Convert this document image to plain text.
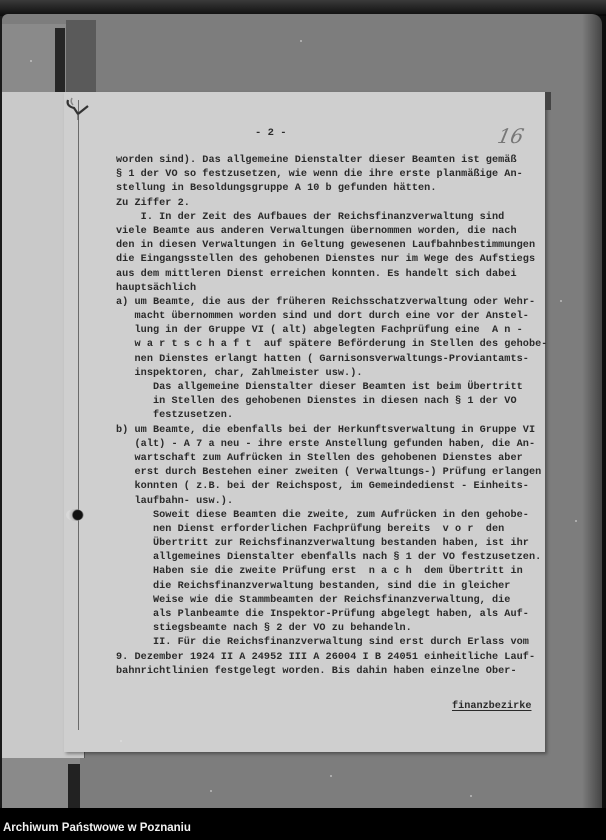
- 2 -	16
worden sind). Das allgemeine Dienstalter dieser Beamten ist gemäß
§ 1 der VO so festzusetzen, wie wenn die ihre erste planmäßige An-
stellung in Besoldungsgruppe A 10 b gefunden hätten.
Zu Ziffer 2.
I. In der Zeit des Aufbaues der Reichsfinanzverwaltung sind
viele Beamte aus anderen Verwaltungen übernommen worden, die nach
den in diesen Verwaltungen in Geltung gewesenen Laufbahnbestimmungen
die Eingangsstellen des gehobenen Dienstes nur im Wege des Aufstiegs
aus dem mittleren Dienst erreichen konnten. Es handelt sich dabei
hauptsächlich
a) um Beamte, die aus der früheren Reichsschatzverwaltung oder Wehr-
macht übernommen worden sind und dort durch eine vor der Anstel-
lung in der Gruppe VI ( alt) abgelegten Fachprüfung eine  A n -
w a r t s c h a f t  auf spätere Beförderung in Stellen des gehobe-
nen Dienstes erlangt hatten ( Garnisonsverwaltungs-Proviantamts-
inspektoren, char, Zahlmeister usw.).
Das allgemeine Dienstalter dieser Beamten ist beim Übertritt
in Stellen des gehobenen Dienstes in diesen nach § 1 der VO
festzusetzen.
b) um Beamte, die ebenfalls bei der Herkunftsverwaltung in Gruppe VI
(alt) - A 7 a neu - ihre erste Anstellung gefunden haben, die An-
wartschaft zum Aufrücken in Stellen des gehobenen Dienstes aber
erst durch Bestehen einer zweiten ( Verwaltungs-) Prüfung erlangen
konnten ( z.B. bei der Reichspost, im Gemeindedienst - Einheits-
laufbahn- usw.).
Soweit diese Beamten die zweite, zum Aufrücken in den gehobe-
nen Dienst erforderlichen Fachprüfung bereits  v o r  den
Übertritt zur Reichsfinanzverwaltung bestanden haben, ist ihr
allgemeines Dienstalter ebenfalls nach § 1 der VO festzusetzen.
Haben sie die zweite Prüfung erst  n a c h  dem Übertritt in
die Reichsfinanzverwaltung bestanden, sind die in gleicher
Weise wie die Stammbeamten der Reichsfinanzverwaltung, die
als Planbeamte die Inspektor-Prüfung abgelegt haben, als Auf-
stiegsbeamte nach § 2 der VO zu behandeln.
II. Für die Reichsfinanzverwaltung sind erst durch Erlass vom
9. Dezember 1924 II A 24952 III A 26004 I B 24051 einheitliche Lauf-
bahnrichtlinien festgelegt worden. Bis dahin haben einzelne Ober-
finanzbezirke
Archiwum Państwowe w Poznaniu
